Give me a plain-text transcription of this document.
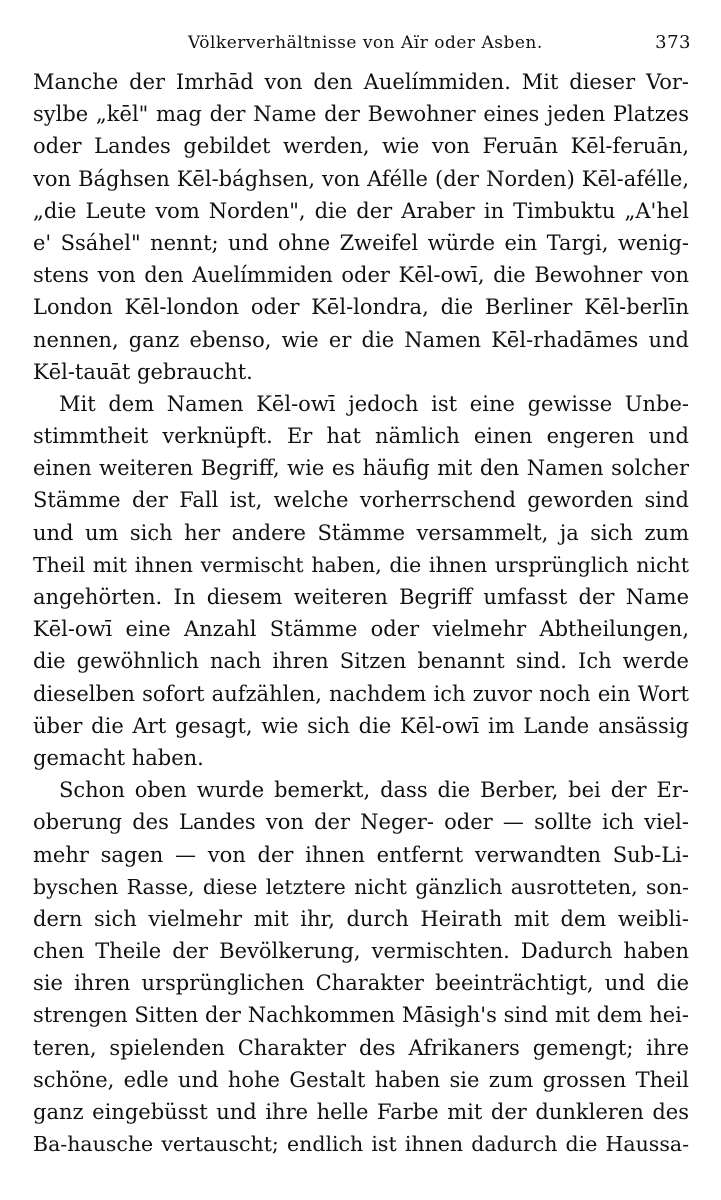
Völkerverhältnisse von Aïr oder Asben.	373
Manche der Imrhād von den Auelímmiden. Mit dieser Vor-
sylbe „kēl" mag der Name der Bewohner eines jeden Platzes
oder Landes gebildet werden, wie von Feruān Kēl-feruān,
von Bághsen Kēl-bághsen, von Afélle (der Norden) Kēl-afélle,
„die Leute vom Norden", die der Araber in Timbuktu „A'hel
e' Ssáhel" nennt; und ohne Zweifel würde ein Targi, wenig-
stens von den Auelímmiden oder Kēl-owī, die Bewohner von
London Kēl-london oder Kēl-londra, die Berliner Kēl-berlīn
nennen, ganz ebenso, wie er die Namen Kēl-rhadāmes und
Kēl-tauāt gebraucht.
Mit dem Namen Kēl-owī jedoch ist eine gewisse Unbe-
stimmtheit verknüpft. Er hat nämlich einen engeren und
einen weiteren Begriff, wie es häufig mit den Namen solcher
Stämme der Fall ist, welche vorherrschend geworden sind
und um sich her andere Stämme versammelt, ja sich zum
Theil mit ihnen vermischt haben, die ihnen ursprünglich nicht
angehörten. In diesem weiteren Begriff umfasst der Name
Kēl-owī eine Anzahl Stämme oder vielmehr Abtheilungen,
die gewöhnlich nach ihren Sitzen benannt sind. Ich werde
dieselben sofort aufzählen, nachdem ich zuvor noch ein Wort
über die Art gesagt, wie sich die Kēl-owī im Lande ansässig
gemacht haben.
Schon oben wurde bemerkt, dass die Berber, bei der Er-
oberung des Landes von der Neger- oder — sollte ich viel-
mehr sagen — von der ihnen entfernt verwandten Sub-Li-
byschen Rasse, diese letztere nicht gänzlich ausrotteten, son-
dern sich vielmehr mit ihr, durch Heirath mit dem weibli-
chen Theile der Bevölkerung, vermischten. Dadurch haben
sie ihren ursprünglichen Charakter beeinträchtigt, und die
strengen Sitten der Nachkommen Māsigh's sind mit dem hei-
teren, spielenden Charakter des Afrikaners gemengt; ihre
schöne, edle und hohe Gestalt haben sie zum grossen Theil
ganz eingebüsst und ihre helle Farbe mit der dunkleren des
Ba-hausche vertauscht; endlich ist ihnen dadurch die Haussa-
